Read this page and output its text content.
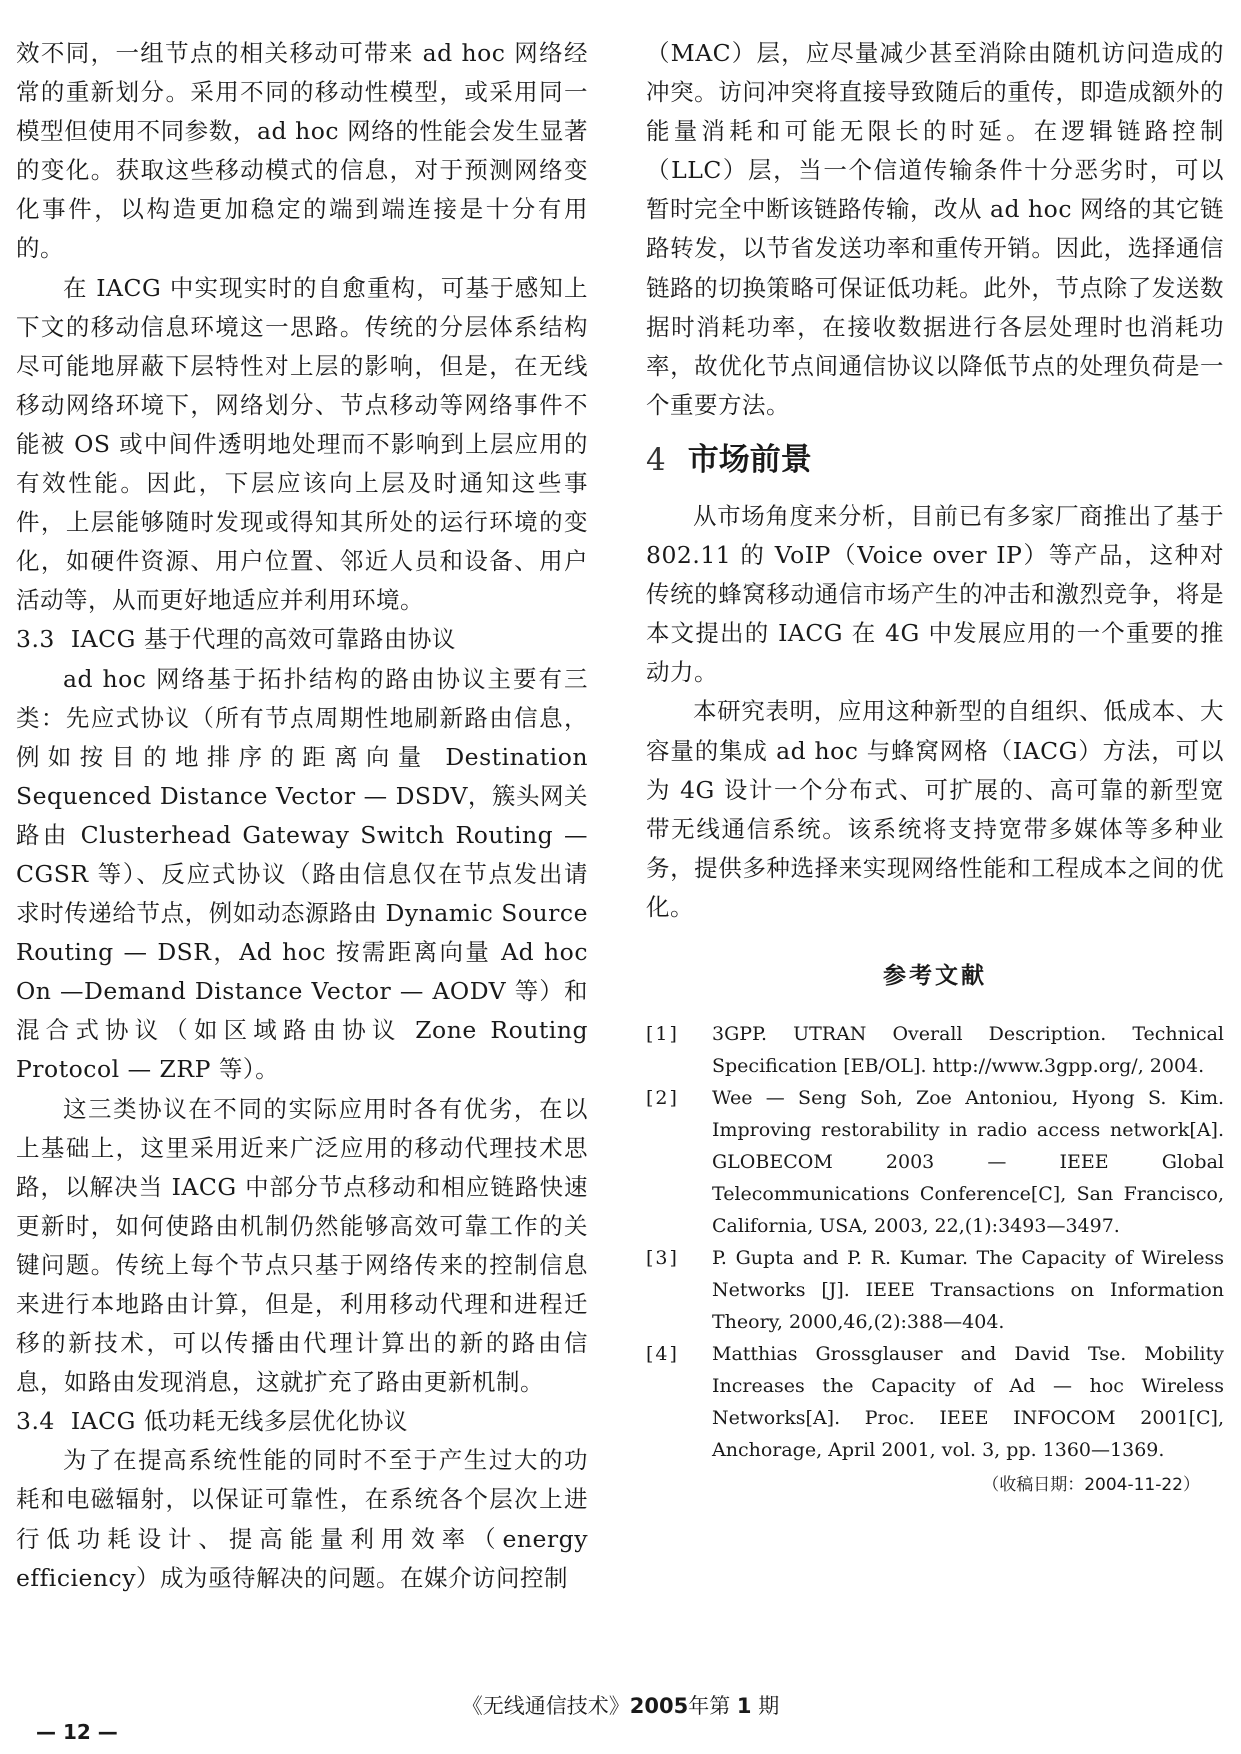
效不同，一组节点的相关移动可带来 ad hoc 网络经常的重新划分。采用不同的移动性模型，或采用同一模型但使用不同参数，ad hoc 网络的性能会发生显著的变化。获取这些移动模式的信息，对于预测网络变化事件，以构造更加稳定的端到端连接是十分有用的。

在 IACG 中实现实时的自愈重构，可基于感知上下文的移动信息环境这一思路。传统的分层体系结构尽可能地屏蔽下层特性对上层的影响，但是，在无线移动网络环境下，网络划分、节点移动等网络事件不能被 OS 或中间件透明地处理而不影响到上层应用的有效性能。因此，下层应该向上层及时通知这些事件，上层能够随时发现或得知其所处的运行环境的变化，如硬件资源、用户位置、邻近人员和设备、用户活动等，从而更好地适应并利用环境。

3.3 IACG 基于代理的高效可靠路由协议

ad hoc 网络基于拓扑结构的路由协议主要有三类：先应式协议（所有节点周期性地刷新路由信息，例如按目的地排序的距离向量 Destination Sequenced Distance Vector — DSDV，簇头网关路由 Clusterhead Gateway Switch Routing — CGSR 等）、反应式协议（路由信息仅在节点发出请求时传递给节点，例如动态源路由 Dynamic Source Routing — DSR，Ad hoc 按需距离向量 Ad hoc On —Demand Distance Vector — AODV 等）和混合式协议（如区域路由协议 Zone Routing Protocol — ZRP 等）。

这三类协议在不同的实际应用时各有优劣，在以上基础上，这里采用近来广泛应用的移动代理技术思路，以解决当 IACG 中部分节点移动和相应链路快速更新时，如何使路由机制仍然能够高效可靠工作的关键问题。传统上每个节点只基于网络传来的控制信息来进行本地路由计算，但是，利用移动代理和进程迁移的新技术，可以传播由代理计算出的新的路由信息，如路由发现消息，这就扩充了路由更新机制。

3.4 IACG 低功耗无线多层优化协议

为了在提高系统性能的同时不至于产生过大的功耗和电磁辐射，以保证可靠性，在系统各个层次上进行低功耗设计、提高能量利用效率（energy efficiency）成为亟待解决的问题。在媒介访问控制

（MAC）层，应尽量减少甚至消除由随机访问造成的冲突。访问冲突将直接导致随后的重传，即造成额外的能量消耗和可能无限长的时延。在逻辑链路控制（LLC）层，当一个信道传输条件十分恶劣时，可以暂时完全中断该链路传输，改从 ad hoc 网络的其它链路转发，以节省发送功率和重传开销。因此，选择通信链路的切换策略可保证低功耗。此外，节点除了发送数据时消耗功率，在接收数据进行各层处理时也消耗功率，故优化节点间通信协议以降低节点的处理负荷是一个重要方法。

4 市场前景

从市场角度来分析，目前已有多家厂商推出了基于 802.11 的 VoIP（Voice over IP）等产品，这种对传统的蜂窝移动通信市场产生的冲击和激烈竞争，将是本文提出的 IACG 在 4G 中发展应用的一个重要的推动力。

本研究表明，应用这种新型的自组织、低成本、大容量的集成 ad hoc 与蜂窝网格（IACG）方法，可以为 4G 设计一个分布式、可扩展的、高可靠的新型宽带无线通信系统。该系统将支持宽带多媒体等多种业务，提供多种选择来实现网络性能和工程成本之间的优化。

参考文献
[1]	3GPP. UTRAN Overall Description. Technical Specification [EB/OL]. http://www.3gpp.org/, 2004.
[2]	Wee — Seng Soh, Zoe Antoniou, Hyong S. Kim. Improving restorability in radio access network[A]. GLOBECOM 2003 — IEEE Global Telecommunications Conference[C], San Francisco, California, USA, 2003, 22,(1):3493—3497.
[3]	P. Gupta and P. R. Kumar. The Capacity of Wireless Networks [J]. IEEE Transactions on Information Theory, 2000,46,(2):388—404.
[4]	Matthias Grossglauser and David Tse. Mobility Increases the Capacity of Ad — hoc Wireless Networks[A]. Proc. IEEE INFOCOM 2001[C], Anchorage, April 2001, vol. 3, pp. 1360—1369.
（收稿日期：2004-11-22）
《无线通信技术》2005年第 1 期
— 12 —
